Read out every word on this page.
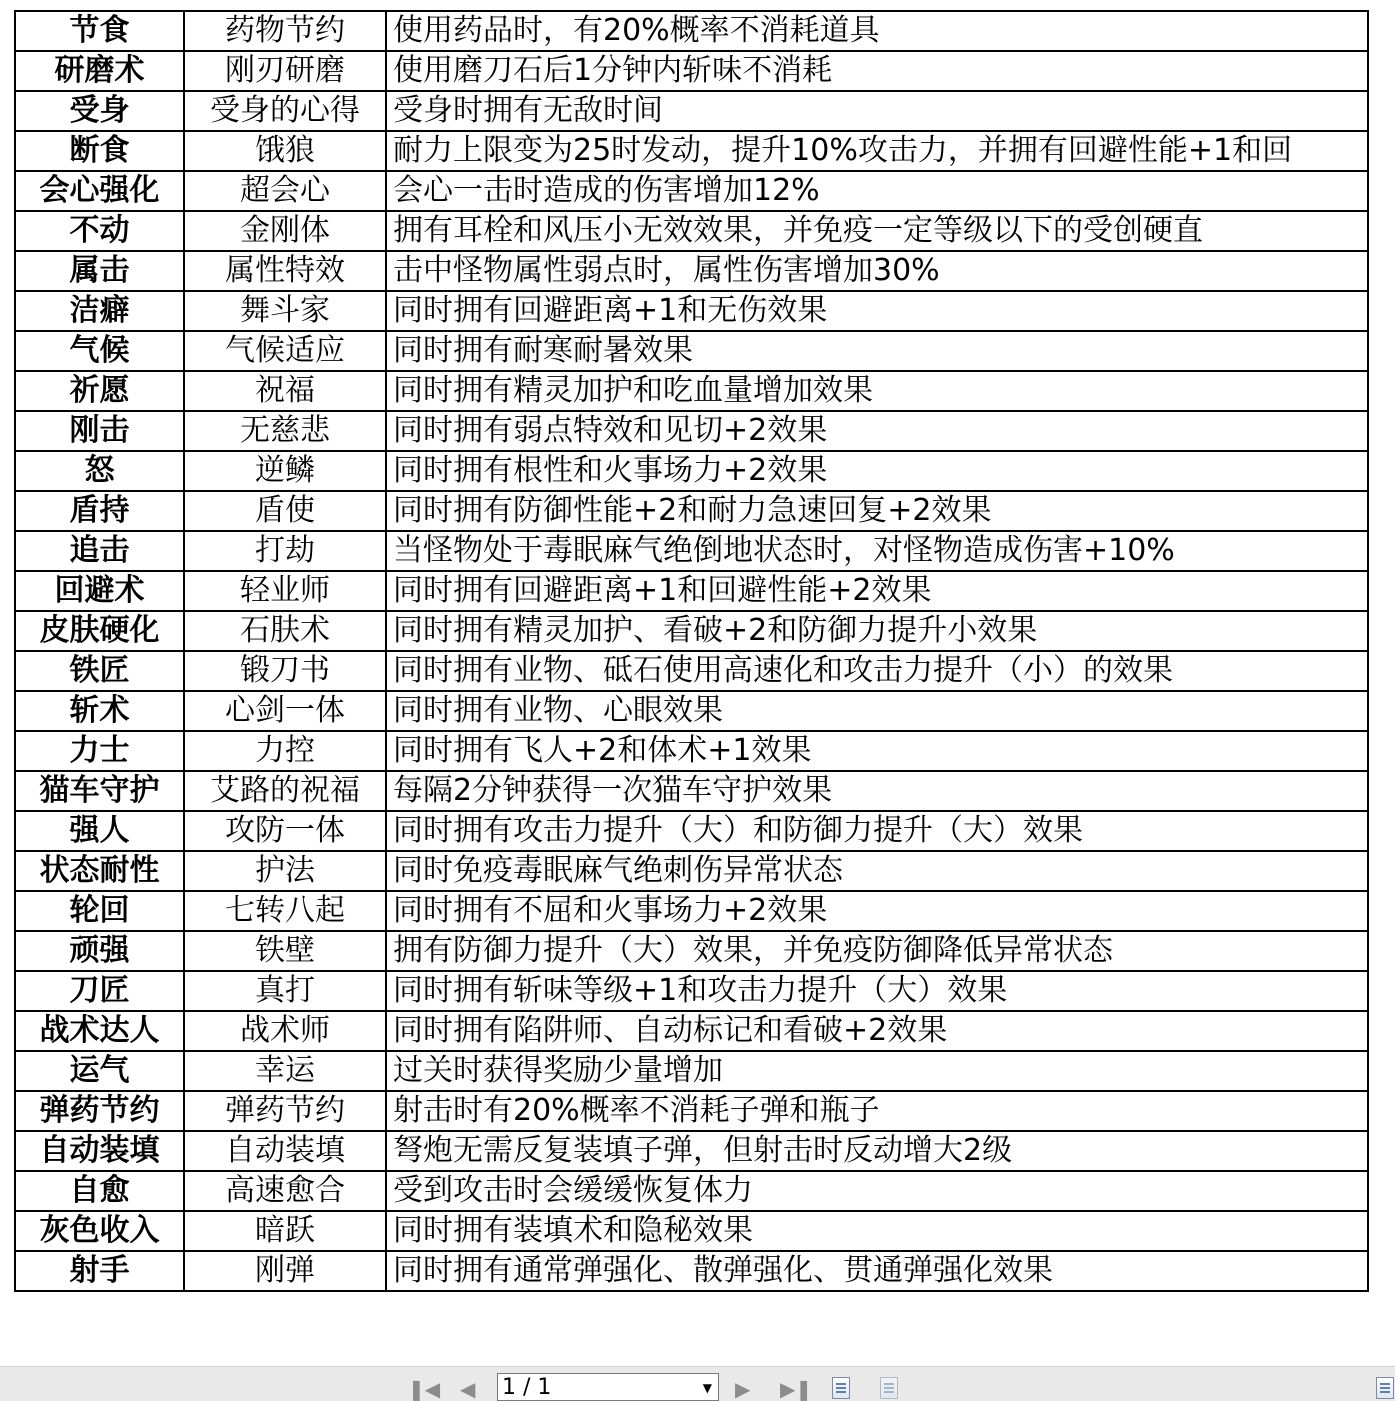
节食	药物节约	使用药品时，有20%概率不消耗道具
研磨术	刚刃研磨	使用磨刀石后1分钟内斩味不消耗
受身	受身的心得	受身时拥有无敌时间
断食	饿狼	耐力上限变为25时发动，提升10%攻击力，并拥有回避性能+1和回
会心强化	超会心	会心一击时造成的伤害增加12%
不动	金刚体	拥有耳栓和风压小无效效果，并免疫一定等级以下的受创硬直
属击	属性特效	击中怪物属性弱点时，属性伤害增加30%
洁癖	舞斗家	同时拥有回避距离+1和无伤效果
气候	气候适应	同时拥有耐寒耐暑效果
祈愿	祝福	同时拥有精灵加护和吃血量增加效果
刚击	无慈悲	同时拥有弱点特效和见切+2效果
怒	逆鳞	同时拥有根性和火事场力+2效果
盾持	盾使	同时拥有防御性能+2和耐力急速回复+2效果
追击	打劫	当怪物处于毒眠麻气绝倒地状态时，对怪物造成伤害+10%
回避术	轻业师	同时拥有回避距离+1和回避性能+2效果
皮肤硬化	石肤术	同时拥有精灵加护、看破+2和防御力提升小效果
铁匠	锻刀书	同时拥有业物、砥石使用高速化和攻击力提升（小）的效果
斩术	心剑一体	同时拥有业物、心眼效果
力士	力控	同时拥有飞人+2和体术+1效果
猫车守护	艾路的祝福	每隔2分钟获得一次猫车守护效果
强人	攻防一体	同时拥有攻击力提升（大）和防御力提升（大）效果
状态耐性	护法	同时免疫毒眠麻气绝刺伤异常状态
轮回	七转八起	同时拥有不屈和火事场力+2效果
顽强	铁壁	拥有防御力提升（大）效果，并免疫防御降低异常状态
刀匠	真打	同时拥有斩味等级+1和攻击力提升（大）效果
战术达人	战术师	同时拥有陷阱师、自动标记和看破+2效果
运气	幸运	过关时获得奖励少量增加
弹药节约	弹药节约	射击时有20%概率不消耗子弹和瓶子
自动装填	自动装填	弩炮无需反复装填子弹，但射击时反动增大2级
自愈	高速愈合	受到攻击时会缓缓恢复体力
灰色收入	暗跃	同时拥有装填术和隐秘效果
射手	刚弹	同时拥有通常弹强化、散弹强化、贯通弹强化效果
❚◀ ◀ 1 / 1	▼ ▶ ▶❚
